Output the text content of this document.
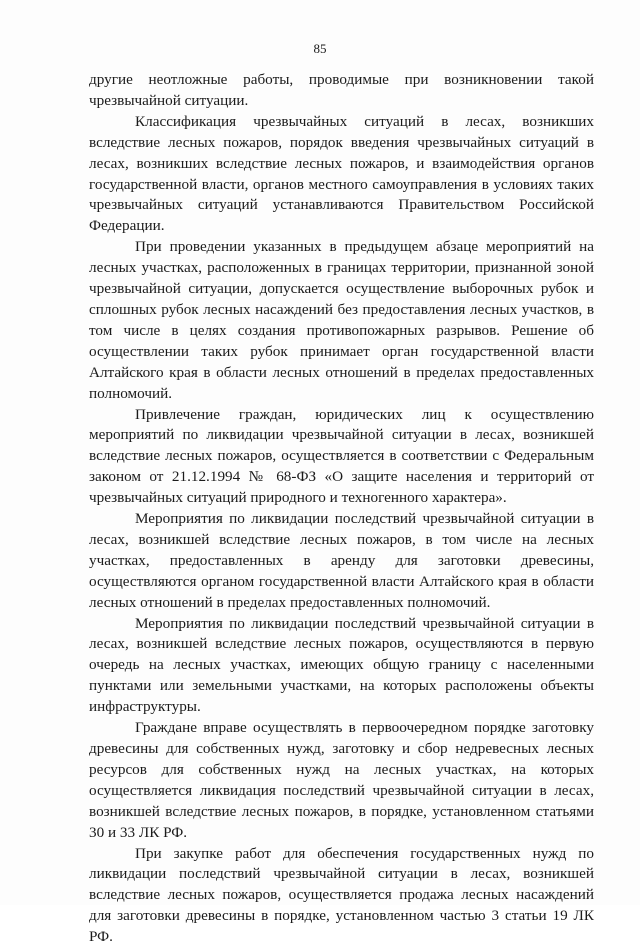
85

другие неотложные работы, проводимые при возникновении такой чрезвычайной ситуации.

Классификация чрезвычайных ситуаций в лесах, возникших вследствие лесных пожаров, порядок введения чрезвычайных ситуаций в лесах, возникших вследствие лесных пожаров, и взаимодействия органов государственной власти, органов местного самоуправления в условиях таких чрезвычайных ситуаций устанавливаются Правительством Российской Федерации.

При проведении указанных в предыдущем абзаце мероприятий на лесных участках, расположенных в границах территории, признанной зоной чрезвычайной ситуации, допускается осуществление выборочных рубок и сплошных рубок лесных насаждений без предоставления лесных участков, в том числе в целях создания противопожарных разрывов. Решение об осуществлении таких рубок принимает орган государственной власти Алтайского края в области лесных отношений в пределах предоставленных полномочий.

Привлечение граждан, юридических лиц к осуществлению мероприятий по ликвидации чрезвычайной ситуации в лесах, возникшей вследствие лесных пожаров, осуществляется в соответствии с Федеральным законом от 21.12.1994 № 68-ФЗ «О защите населения и территорий от чрезвычайных ситуаций природного и техногенного характера».

Мероприятия по ликвидации последствий чрезвычайной ситуации в лесах, возникшей вследствие лесных пожаров, в том числе на лесных участках, предоставленных в аренду для заготовки древесины, осуществляются органом государственной власти Алтайского края в области лесных отношений в пределах предоставленных полномочий.

Мероприятия по ликвидации последствий чрезвычайной ситуации в лесах, возникшей вследствие лесных пожаров, осуществляются в первую очередь на лесных участках, имеющих общую границу с населенными пунктами или земельными участками, на которых расположены объекты инфраструктуры.

Граждане вправе осуществлять в первоочередном порядке заготовку древесины для собственных нужд, заготовку и сбор недревесных лесных ресурсов для собственных нужд на лесных участках, на которых осуществляется ликвидация последствий чрезвычайной ситуации в лесах, возникшей вследствие лесных пожаров, в порядке, установленном статьями 30 и 33 ЛК РФ.

При закупке работ для обеспечения государственных нужд по ликвидации последствий чрезвычайной ситуации в лесах, возникшей вследствие лесных пожаров, осуществляется продажа лесных насаждений для заготовки древесины в порядке, установленном частью 3 статьи 19 ЛК РФ.
